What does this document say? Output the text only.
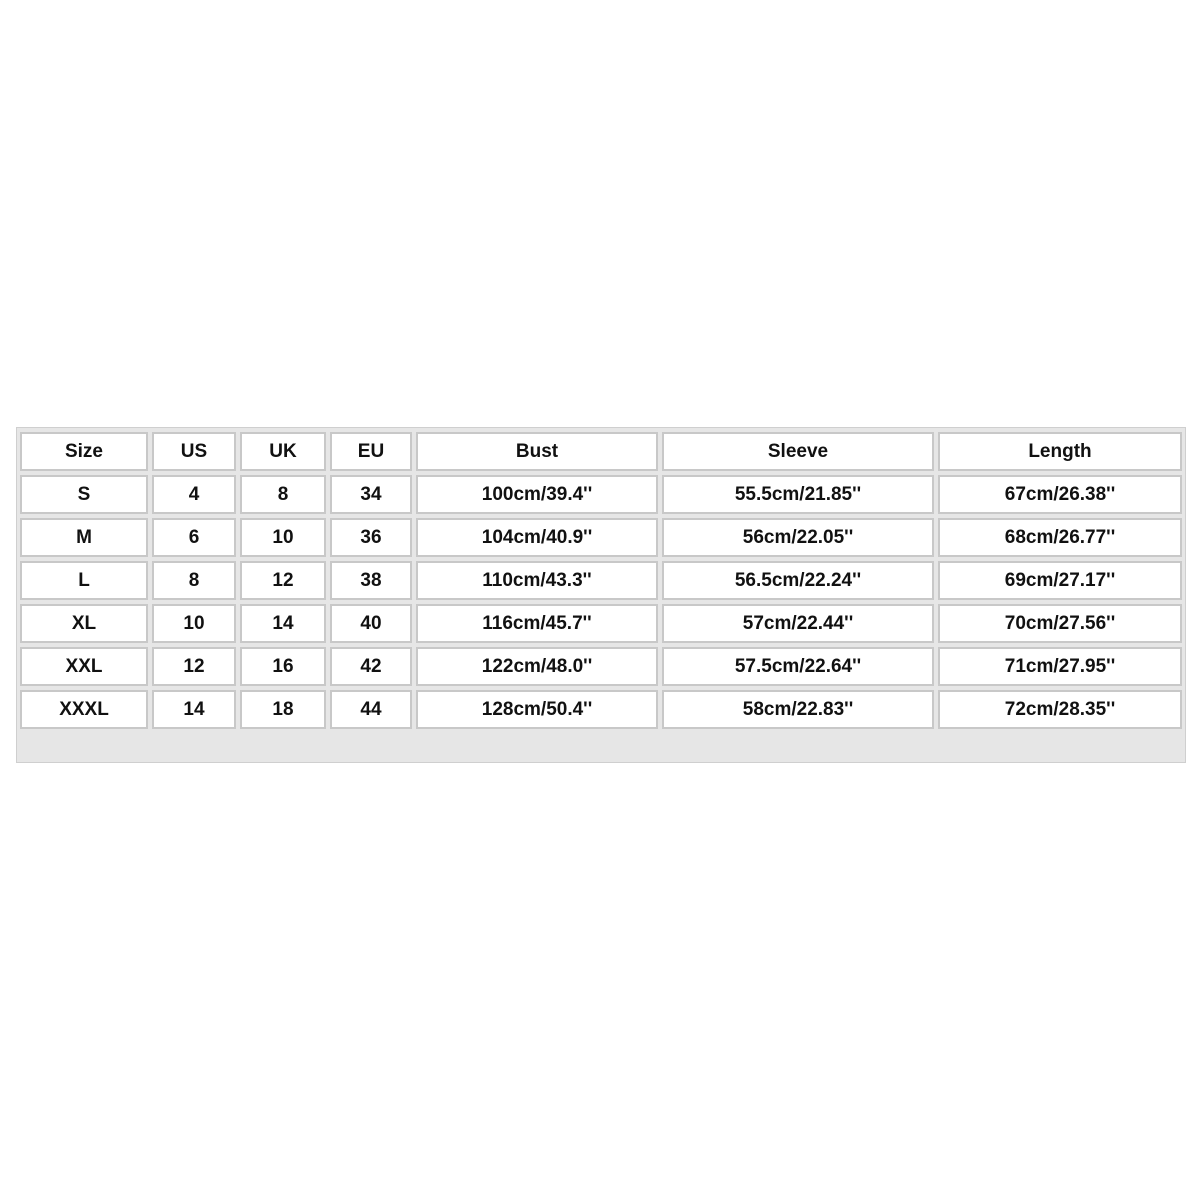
Size	US	UK	EU	Bust	Sleeve	Length
S	4	8	34	100cm/39.4''	55.5cm/21.85''	67cm/26.38''
M	6	10	36	104cm/40.9''	56cm/22.05''	68cm/26.77''
L	8	12	38	110cm/43.3''	56.5cm/22.24''	69cm/27.17''
XL	10	14	40	116cm/45.7''	57cm/22.44''	70cm/27.56''
XXL	12	16	42	122cm/48.0''	57.5cm/22.64''	71cm/27.95''
XXXL	14	18	44	128cm/50.4''	58cm/22.83''	72cm/28.35''
